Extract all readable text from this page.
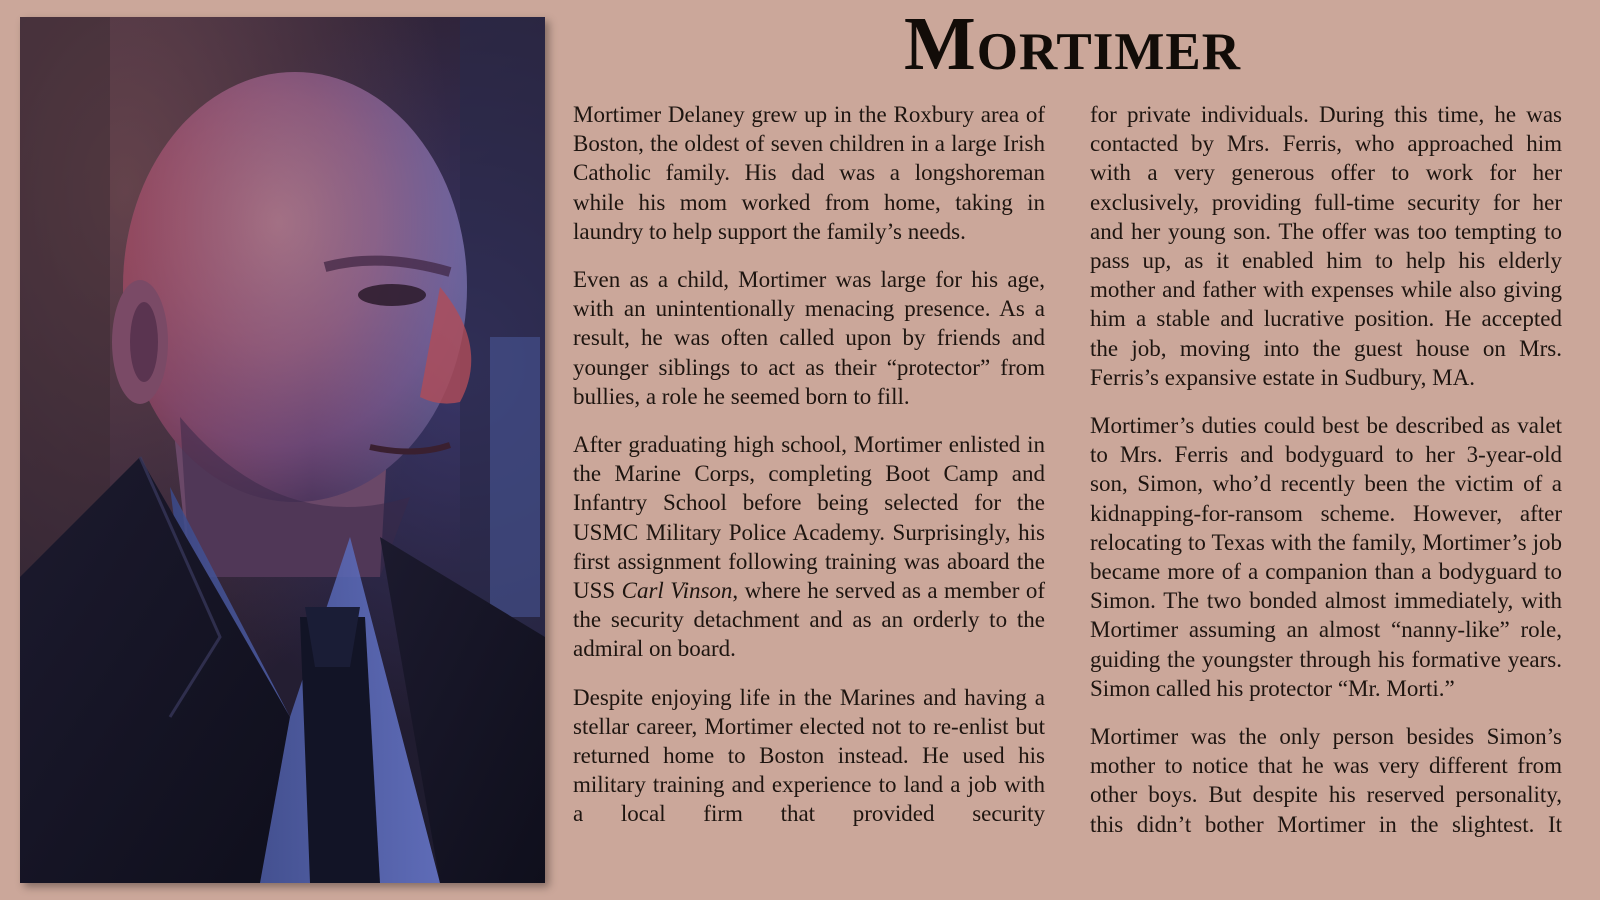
Mortimer

Mortimer Delaney grew up in the Roxbury area of Boston, the oldest of seven children in a large Irish Catholic family. His dad was a longshoreman while his mom worked from home, taking in laundry to help support the family’s needs.

Even as a child, Mortimer was large for his age, with an unintentionally menacing presence. As a result, he was often called upon by friends and younger siblings to act as their “protector” from bullies, a role he seemed born to fill.

After graduating high school, Mortimer enlisted in the Marine Corps, completing Boot Camp and Infantry School before being selected for the USMC Military Police Academy. Surprisingly, his first assignment following training was aboard the USS Carl Vinson, where he served as a member of the security detachment and as an orderly to the admiral on board.

Despite enjoying life in the Marines and having a stellar career, Mortimer elected not to re-enlist but returned home to Boston instead. He used his military training and experience to land a job with a local firm that provided security

for private individuals. During this time, he was contacted by Mrs. Ferris, who approached him with a very generous offer to work for her exclusively, providing full-time security for her and her young son. The offer was too tempting to pass up, as it enabled him to help his elderly mother and father with expenses while also giving him a stable and lucrative position. He accepted the job, moving into the guest house on Mrs. Ferris’s expansive estate in Sudbury, MA.

Mortimer’s duties could best be described as valet to Mrs. Ferris and bodyguard to her 3-year-old son, Simon, who’d recently been the victim of a kidnapping-for-ransom scheme. However, after relocating to Texas with the family, Mortimer’s job became more of a companion than a bodyguard to Simon. The two bonded almost immediately, with Mortimer assuming an almost “nanny-like” role, guiding the youngster through his formative years. Simon called his protector “Mr. Morti.”

Mortimer was the only person besides Simon’s mother to notice that he was very different from other boys. But despite his reserved personality, this didn’t bother Mortimer in the slightest. It
